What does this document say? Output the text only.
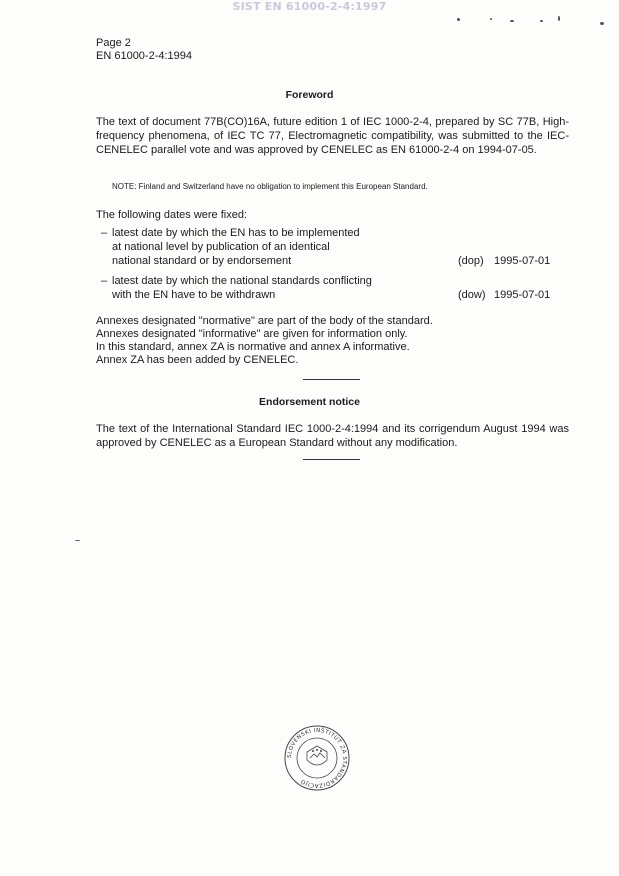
SIST EN 61000-2-4:1997
Page 2
EN 61000-2-4:1994
Foreword
The text of document 77B(CO)16A, future edition 1 of IEC 1000-2-4, prepared by SC 77B, High-frequency phenomena, of IEC TC 77, Electromagnetic compatibility, was submitted to the IEC-CENELEC parallel vote and was approved by CENELEC as EN 61000-2-4 on 1994-07-05.
NOTE: Finland and Switzerland have no obligation to implement this European Standard.
The following dates were fixed:
– latest date by which the EN has to be implemented
at national level by publication of an identical
national standard or by endorsement	(dop) 1995-07-01
– latest date by which the national standards conflicting
with the EN have to be withdrawn	(dow) 1995-07-01
Annexes designated "normative" are part of the body of the standard.
Annexes designated "informative" are given for information only.
In this standard, annex ZA is normative and annex A informative.
Annex ZA has been added by CENELEC.
Endorsement notice
The text of the International Standard IEC 1000-2-4:1994 and its corrigendum August 1994 was approved by CENELEC as a European Standard without any modification.
SLOVENSKI INŠTITUT ZA STANDARDIZACIJO
